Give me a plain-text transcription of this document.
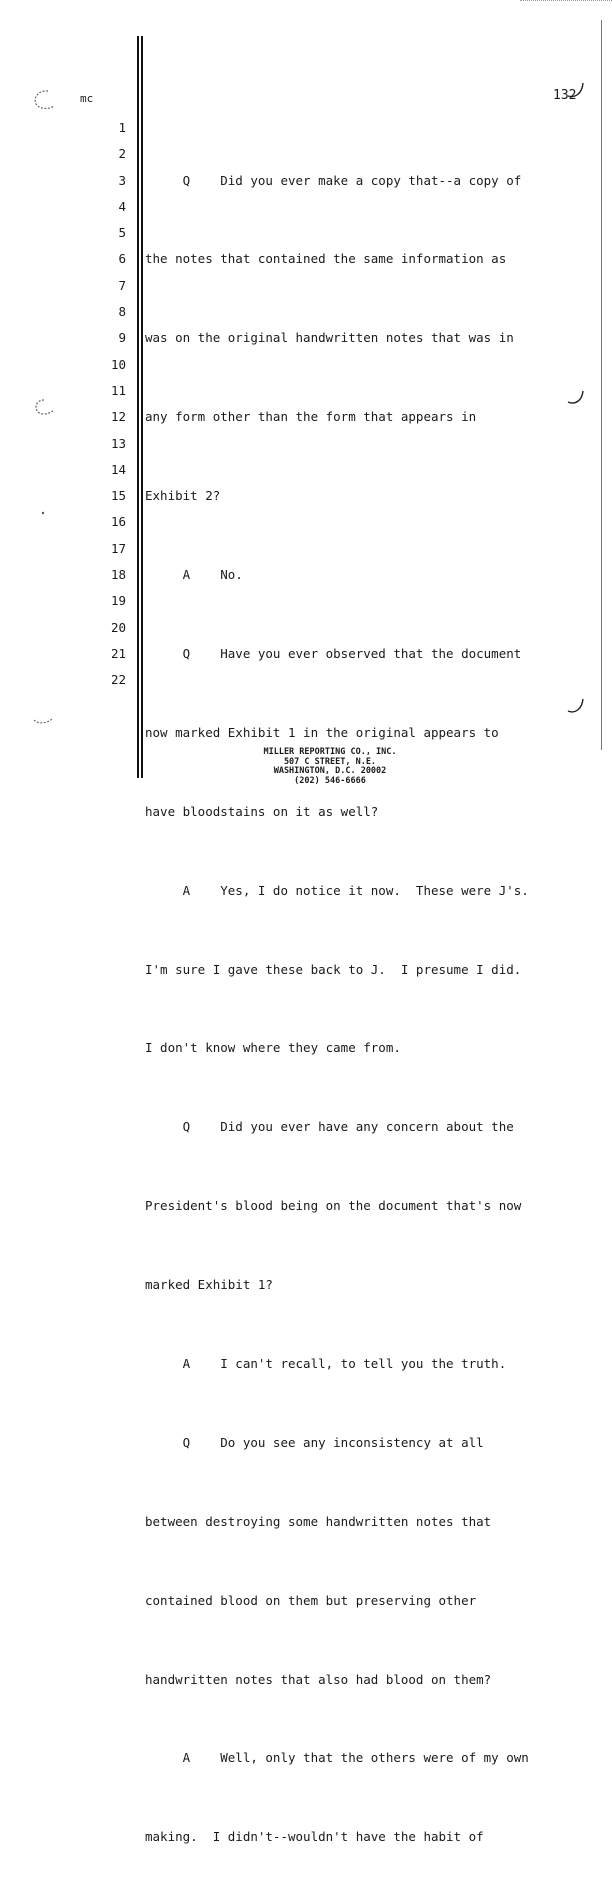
mc	132
1
2
3
4
5
6
7
8
9
10
11
12
13
14
15
16
17
18
19
20
21
22

Q    Did you ever make a copy that--a copy of

the notes that contained the same information as

was on the original handwritten notes that was in

any form other than the form that appears in

Exhibit 2?

A    No.

Q    Have you ever observed that the document

now marked Exhibit 1 in the original appears to

have bloodstains on it as well?

A    Yes, I do notice it now.  These were J's.

I'm sure I gave these back to J.  I presume I did.

I don't know where they came from.

Q    Did you ever have any concern about the

President's blood being on the document that's now

marked Exhibit 1?

A    I can't recall, to tell you the truth.

Q    Do you see any inconsistency at all

between destroying some handwritten notes that

contained blood on them but preserving other

handwritten notes that also had blood on them?

A    Well, only that the others were of my own

making.  I didn't--wouldn't have the habit of

MILLER REPORTING CO., INC.
507 C STREET, N.E.
WASHINGTON, D.C. 20002
(202) 546-6666
